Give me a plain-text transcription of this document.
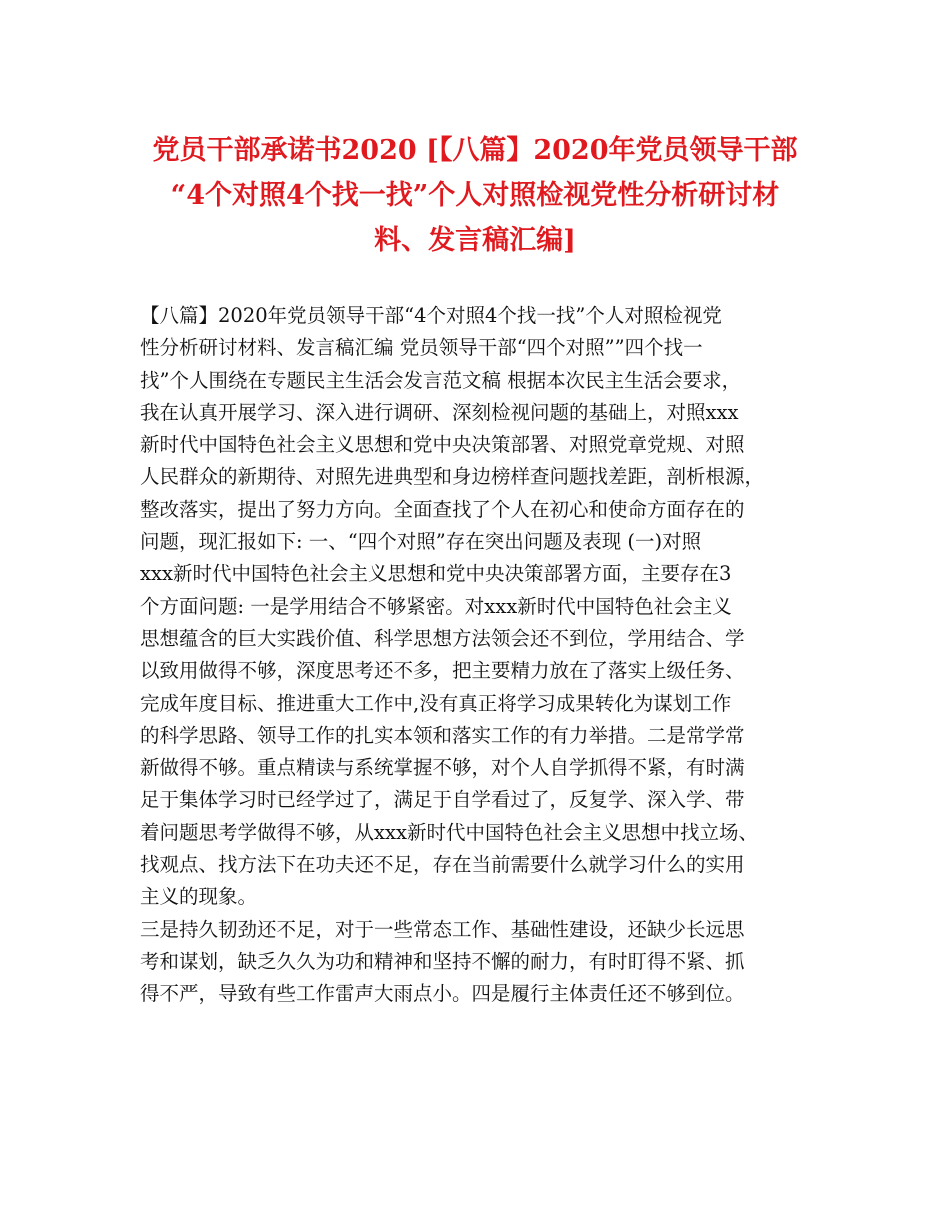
党员干部承诺书2020 [【八篇】2020年党员领导干部
“4个对照4个找一找”个人对照检视党性分析研讨材
料、发言稿汇编]
【八篇】2020年党员领导干部“4个对照4个找一找”个人对照检视党
性分析研讨材料、发言稿汇编 党员领导干部“四个对照””四个找一
找”个人围绕在专题民主生活会发言范文稿 根据本次民主生活会要求，
我在认真开展学习、深入进行调研、深刻检视问题的基础上，对照xxx
新时代中国特色社会主义思想和党中央决策部署、对照党章党规、对照
人民群众的新期待、对照先进典型和身边榜样查问题找差距，剖析根源，
整改落实，提出了努力方向。全面查找了个人在初心和使命方面存在的
问题，现汇报如下: 一、“四个对照”存在突出问题及表现 (一)对照
xxx新时代中国特色社会主义思想和党中央决策部署方面，主要存在3
个方面问题: 一是学用结合不够紧密。对xxx新时代中国特色社会主义
思想蕴含的巨大实践价值、科学思想方法领会还不到位，学用结合、学
以致用做得不够，深度思考还不多，把主要精力放在了落实上级任务、
完成年度目标、推进重大工作中,没有真正将学习成果转化为谋划工作
的科学思路、领导工作的扎实本领和落实工作的有力举措。二是常学常
新做得不够。重点精读与系统掌握不够，对个人自学抓得不紧，有时满
足于集体学习时已经学过了，满足于自学看过了，反复学、深入学、带
着问题思考学做得不够，从xxx新时代中国特色社会主义思想中找立场、
找观点、找方法下在功夫还不足，存在当前需要什么就学习什么的实用
主义的现象。
三是持久韧劲还不足，对于一些常态工作、基础性建设，还缺少长远思
考和谋划，缺乏久久为功和精神和坚持不懈的耐力，有时盯得不紧、抓
得不严，导致有些工作雷声大雨点小。四是履行主体责任还不够到位。
